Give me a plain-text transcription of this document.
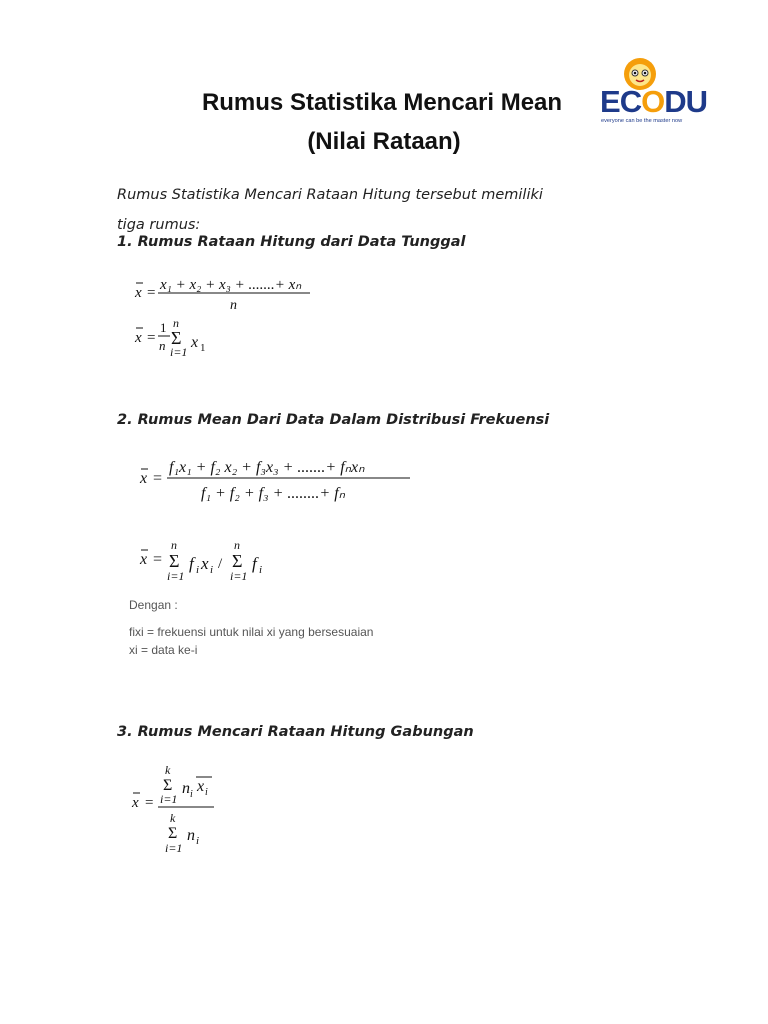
Rumus Statistika Mencari Mean
(Nilai Rataan)
ECODU
everyone can be the master now
Rumus Statistika Mencari Rataan Hitung tersebut memiliki
tiga rumus:
1. Rumus Rataan Hitung dari Data Tunggal
x = x₁ + x₂ + x₃ + .......+ xₙ
n
x =
1
n
n
Σ
i=1
x 1
2. Rumus Mean Dari Data Dalam Distribusi Frekuensi
x =
f₁x₁ + f₂ x₂ + f₃x₃ + .......+ fₙxₙ
f₁ + f₂ + f₃ + ........+ fₙ
x =
n
Σ
i=1
f i x i /
n
Σ
i=1
f i
Dengan :
fixi = frekuensi untuk nilai xi yang bersesuaian
xi = data ke-i
3. Rumus Mencari Rataan Hitung Gabungan
x =
k
Σ
i=1
n i x i
k
Σ
i=1
n i
